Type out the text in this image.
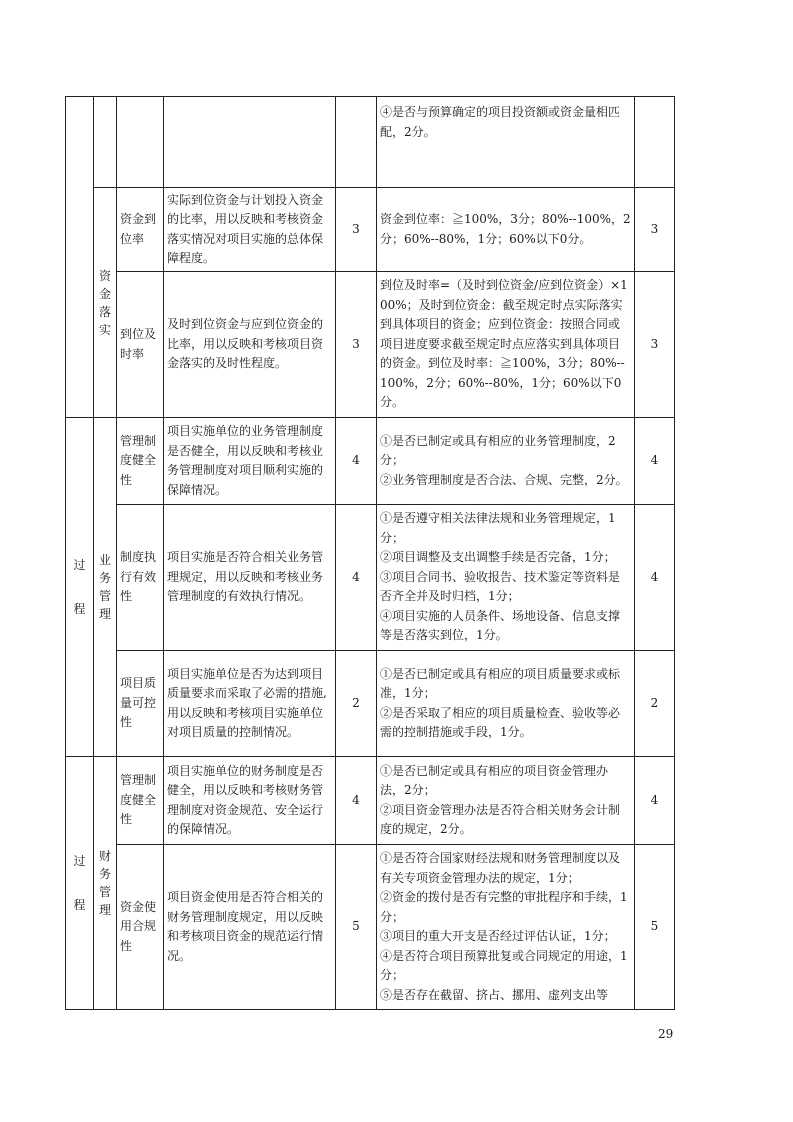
					④是否与预算确定的项目投资额或资金量相匹配，2分。	

	资金落实	资金到位率	实际到位资金与计划投入资金的比率，用以反映和考核资金落实情况对项目实施的总体保障程度。	3	资金到位率：≧100%，3分；80%--100%，2分；60%--80%，1分；60%以下0分。	3
		到位及时率	及时到位资金与应到位资金的比率，用以反映和考核项目资金落实的及时性程度。	3	到位及时率=（及时到位资金/应到位资金）×100%；及时到位资金：截至规定时点实际落实到具体项目的资金；应到位资金：按照合同或项目进度要求截至规定时点应落实到具体项目的资金。到位及时率：≧100%，3分；80%--100%，2分；60%--80%，1分；60%以下0分。	3

过程	业务管理	管理制度健全性	项目实施单位的业务管理制度是否健全，用以反映和考核业务管理制度对项目顺利实施的保障情况。	4	①是否已制定或具有相应的业务管理制度，2分；
②业务管理制度是否合法、合规、完整，2分。	4
		制度执行有效性	项目实施是否符合相关业务管理规定，用以反映和考核业务管理制度的有效执行情况。	4	①是否遵守相关法律法规和业务管理规定，1分；
②项目调整及支出调整手续是否完备，1分；
③项目合同书、验收报告、技术鉴定等资料是否齐全并及时归档，1分；
④项目实施的人员条件、场地设备、信息支撑等是否落实到位，1分。	4
		项目质量可控性	项目实施单位是否为达到项目质量要求而采取了必需的措施,用以反映和考核项目实施单位对项目质量的控制情况。	2	①是否已制定或具有相应的项目质量要求或标准，1分；
②是否采取了相应的项目质量检查、验收等必需的控制措施或手段，1分。	2

过程	财务管理	管理制度健全性	项目实施单位的财务制度是否健全，用以反映和考核财务管理制度对资金规范、安全运行的保障情况。	4	①是否已制定或具有相应的项目资金管理办法，2分；
②项目资金管理办法是否符合相关财务会计制度的规定，2分。	4
		资金使用合规性	项目资金使用是否符合相关的财务管理制度规定，用以反映和考核项目资金的规范运行情况。	5	①是否符合国家财经法规和财务管理制度以及有关专项资金管理办法的规定，1分；
②资金的拨付是否有完整的审批程序和手续，1分；
③项目的重大开支是否经过评估认证，1分；
④是否符合项目预算批复或合同规定的用途，1分；
⑤是否存在截留、挤占、挪用、虚列支出等	5
29
